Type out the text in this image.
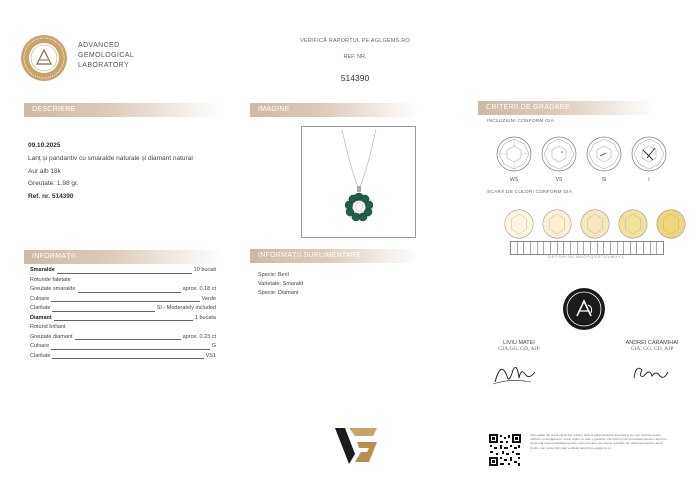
ADVANCED
GEMOLOGICAL
LABORATORY
VERIFICĂ RAPORTUL PE AGLGEMS.RO
REF. NR.
514390
DESCRIERE	IMAGINE	CRITERII DE GRADARE
INFORMAȚII	INFORMAȚII SUPLIMENTARE
09.10.2025
Lanț și pandantiv cu smaralde naturale și diamant natural
Aur alb 18k
Greutate: 1.98 gr.
Ref. nr. 514390
INCLUZIUNI CONFORM GIA
WS	VS	SI	I
SCARĂ DE CULORI CONFORM GIA
D E F G H I J K L M N O P Q R S T U V W X Y Z
Smaralde	10 bucati
Rotunde fatetate
Greutate smaralde	aprox. 0.18 ct
Culoare	Verde
Claritate	SI - Moderately included
Diamant	1 bucata
Rotund briliant
Greutate diamant	aprox. 0.23 ct
Culoare	G
Claritate	VS1
Specie: Beril
Varietate: Smarald
Specie: Diamant
LIVIU MATEI
GIA,GG, GD, AJP
ANDREI CARAMIHAI
GIA, GG, GD, AJP
Informațiile din acest raport fac referire doar la piatra/bijuteria descrisă și nu sunt ofertate pentru utilizare ca angajament. Acest raport nu este o garanție. Nici AGL și nici semnatarii acestui raport nu își asumă responsabilitatea pentru orice pierdere sau daune rezultate din utilizarea acestui raport. Pentru mai multe informații verificați raportul pe aglgems.ro.
